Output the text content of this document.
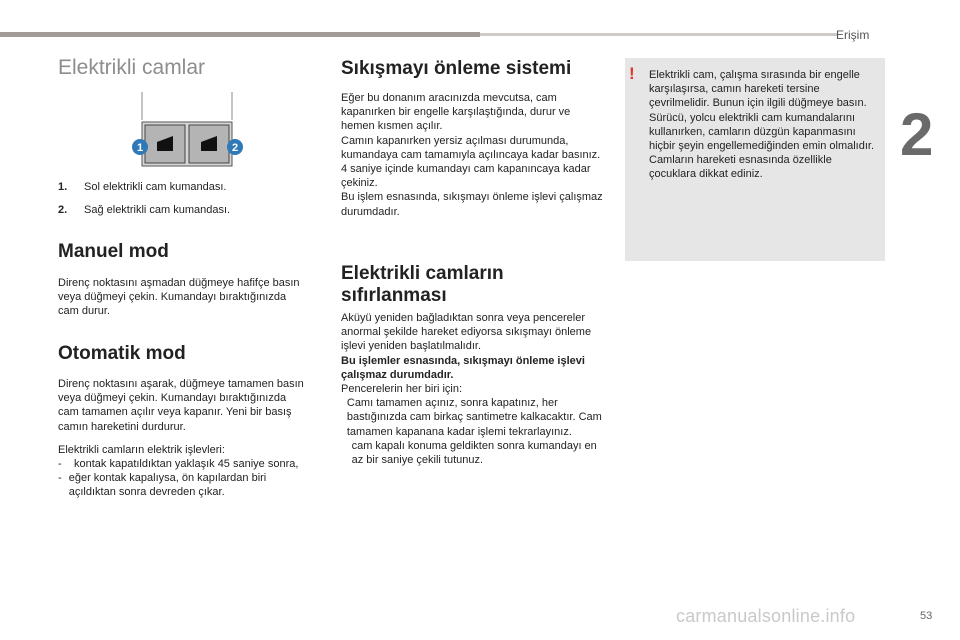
Erişim
2
Elektrikli camlar
1	2
1.	Sol elektrikli cam kumandası.
2.	Sağ elektrikli cam kumandası.
Manuel mod
Direnç noktasını aşmadan düğmeye hafifçe basın veya düğmeyi çekin. Kumandayı bıraktığınızda cam durur.
Otomatik mod

Direnç noktasını aşarak, düğmeye tamamen basın veya düğmeyi çekin. Kumandayı bıraktığınızda cam tamamen açılır veya kapanır. Yeni bir basış camın hareketini durdurur.

Elektrikli camların elektrik işlevleri:

-	kontak kapatıldıktan yaklaşık 45 saniye sonra,
- eğer kontak kapalıysa, ön kapılardan biri açıldıktan sonra devreden çıkar.
Sıkışmayı önleme sistemi

Eğer bu donanım aracınızda mevcutsa, cam kapanırken bir engelle karşılaştığında, durur ve hemen kısmen açılır.

Camın kapanırken yersiz açılması durumunda, kumandaya cam tamamıyla açılıncaya kadar basınız. 4 saniye içinde kumandayı cam kapanıncaya kadar çekiniz.

Bu işlem esnasında, sıkışmayı önleme işlevi çalışmaz durumdadır.

Elektrikli camların
sıfırlanması

Aküyü yeniden bağladıktan sonra veya pencereler anormal şekilde hareket ediyorsa sıkışmayı önleme işlevi yeniden başlatılmalıdır.

Bu işlemler esnasında, sıkışmayı önleme işlevi çalışmaz durumdadır.

Pencerelerin her biri için:

Camı tamamen açınız, sonra kapatınız, her bastığınızda cam birkaç santimetre kalkacaktır. Cam tamamen kapanana kadar işlemi tekrarlayınız.
cam kapalı konuma geldikten sonra kumandayı en az bir saniye çekili tutunuz.
! Elektrikli cam, çalışma sırasında bir engelle karşılaşırsa, camın hareketi tersine çevrilmelidir. Bunun için ilgili düğmeye basın.

Sürücü, yolcu elektrikli cam kumandalarını kullanırken, camların düzgün kapanmasını hiçbir şeyin engellemediğinden emin olmalıdır.

Camların hareketi esnasında özellikle çocuklara dikkat ediniz.

carmanualsonline.info	53
